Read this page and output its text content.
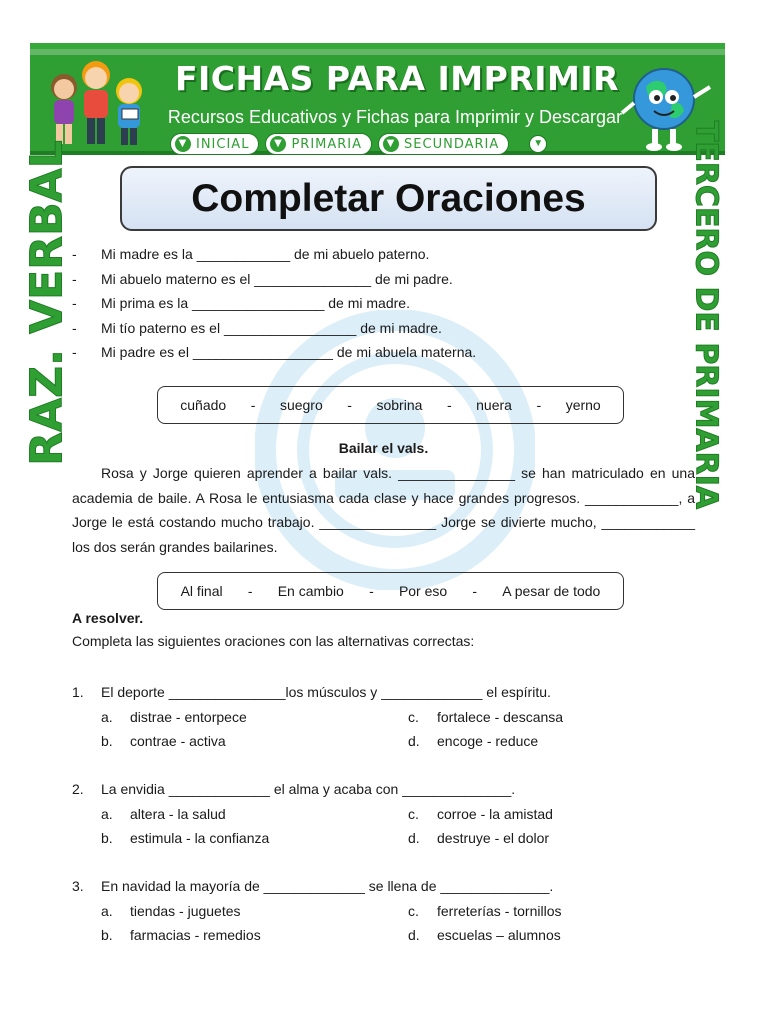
FICHAS PARA IMPRIMIR
Recursos Educativos y Fichas para Imprimir y Descargar
▼ INICIAL	▼ PRIMARIA	▼ SECUNDARIA	▼
RAZ. VERBAL	TERCERO DE PRIMARIA
Completar Oraciones
-	Mi madre es la ____________ de mi abuelo paterno.
-	Mi abuelo materno es el _______________ de mi padre.
-	Mi prima es la _________________ de mi madre.
-	Mi tío paterno es el _________________ de mi madre.
-	Mi padre es el __________________ de mi abuela materna.
cuñado - suegro - sobrina - nuera - yerno
Bailar el vals.

Rosa y Jorge quieren aprender a bailar vals. _______________ se han matriculado en una academia de baile. A Rosa le entusiasma cada clase y hace grandes progresos. ____________, a Jorge le está costando mucho trabajo. _______________ Jorge se divierte mucho, ____________ los dos serán grandes bailarines.

Al final - En cambio - Por eso - A pesar de todo
A resolver.
Completa las siguientes oraciones con las alternativas correctas:
1.	El deporte _______________los músculos y _____________ el espíritu.
a.	distrae - entorpece	c.	fortalece - descansa
b.	contrae - activa	d.	encoge - reduce
2.	La envidia _____________ el alma y acaba con ______________.
a.	altera - la salud	c.	corroe - la amistad
b.	estimula - la confianza	d.	destruye - el dolor
3.	En navidad la mayoría de _____________ se llena de ______________.
a.	tiendas - juguetes	c.	ferreterías - tornillos
b.	farmacias - remedios	d.	escuelas – alumnos
